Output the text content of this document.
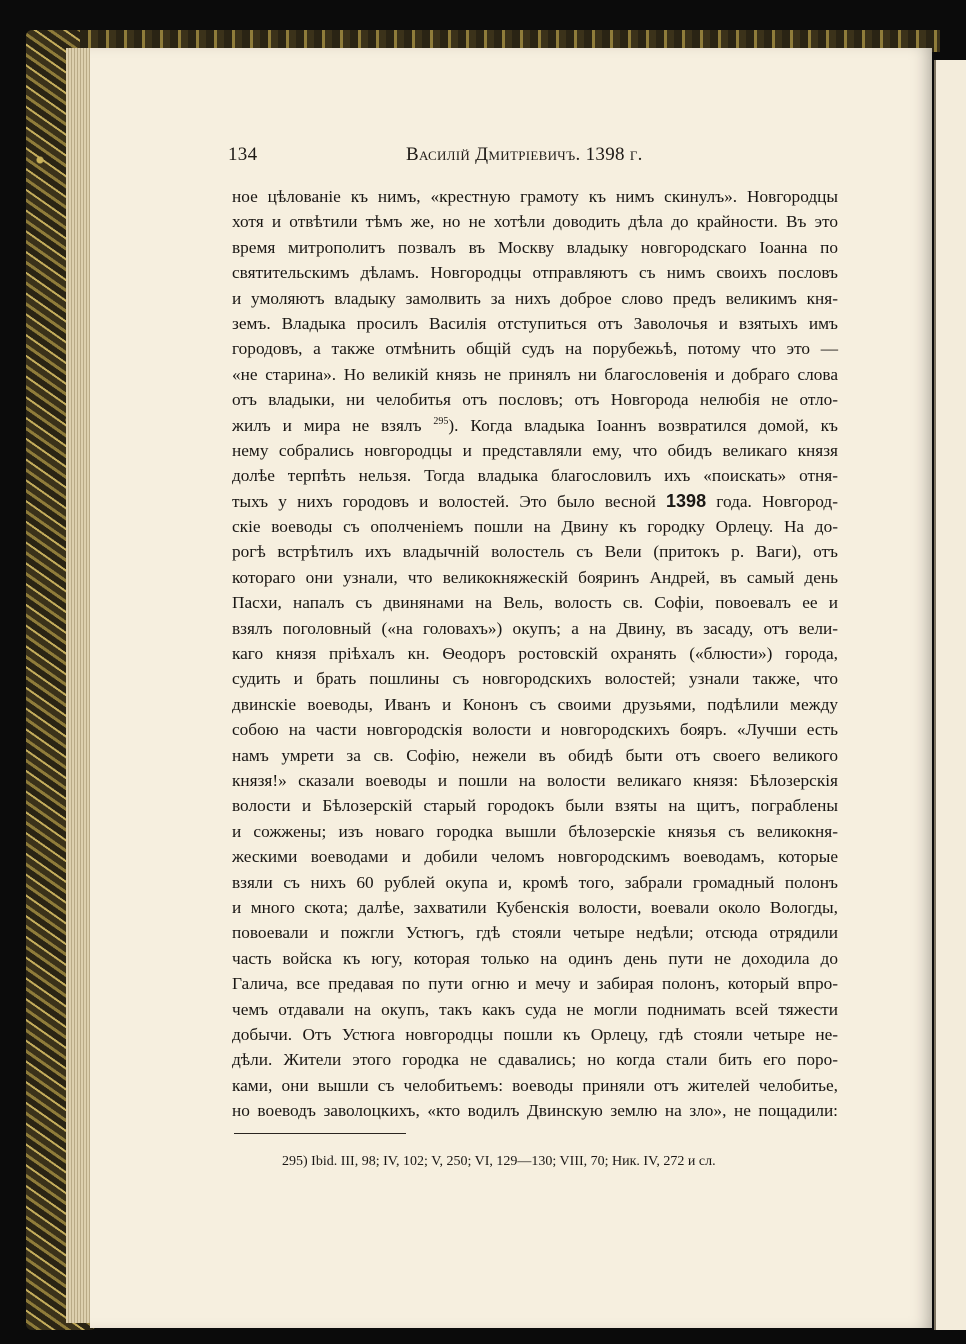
134	Василій Дмитріевичъ. 1398 г.
ное цѣлованіе къ нимъ, «крестную грамоту къ нимъ скинулъ». Новгородцы
хотя и отвѣтили тѣмъ же, но не хотѣли доводить дѣла до крайности. Въ это
время митрополитъ позвалъ въ Москву владыку новгородскаго Іоанна по
святительскимъ дѣламъ. Новгородцы отправляютъ съ нимъ своихъ пословъ
и умоляютъ владыку замолвить за нихъ доброе слово предъ великимъ кня-
земъ. Владыка просилъ Василія отступиться отъ Заволочья и взятыхъ имъ
городовъ, а также отмѣнить общій судъ на порубежьѣ, потому что это —
«не старина». Но великій князь не принялъ ни благословенія и добраго слова
отъ владыки, ни челобитья отъ пословъ; отъ Новгорода нелюбія не отло-
жилъ и мира не взялъ $^{295}$). Когда владыка Іоаннъ возвратился домой, къ
нему собрались новгородцы и представляли ему, что обидъ великаго князя
долѣе терпѣть нельзя. Тогда владыка благословилъ ихъ «поискать» отня-
тыхъ у нихъ городовъ и волостей. Это было весной 1398 года. Новгород-
скіе воеводы съ ополченіемъ пошли на Двину къ городку Орлецу. На до-
рогѣ встрѣтилъ ихъ владычній волостель съ Вели (притокъ р. Ваги), отъ
котораго они узнали, что великокняжескій бояринъ Андрей, въ самый день
Пасхи, напалъ съ двинянами на Вель, волость св. Софіи, повоевалъ ее и
взялъ поголовный («на головахъ») окупъ; а на Двину, въ засаду, отъ вели-
каго князя пріѣхалъ кн. Ѳеодоръ ростовскій охранять («блюсти») города,
судить и брать пошлины съ новгородскихъ волостей; узнали также, что
двинскіе воеводы, Иванъ и Кононъ съ своими друзьями, подѣлили между
собою на части новгородскія волости и новгородскихъ бояръ. «Лучши есть
намъ умрети за св. Софію, нежели въ обидѣ быти отъ своего великого
князя!» сказали воеводы и пошли на волости великаго князя: Бѣлозерскія
волости и Бѣлозерскій старый городокъ были взяты на щитъ, пограблены
и сожжены; изъ новаго городка вышли бѣлозерскіе князья съ великокня-
жескими воеводами и добили челомъ новгородскимъ воеводамъ, которые
взяли съ нихъ 60 рублей окупа и, кромѣ того, забрали громадный полонъ
и много скота; далѣе, захватили Кубенскія волости, воевали около Вологды,
повоевали и пожгли Устюгъ, гдѣ стояли четыре недѣли; отсюда отрядили
часть войска къ югу, которая только на одинъ день пути не доходила до
Галича, все предавая по пути огню и мечу и забирая полонъ, который впро-
чемъ отдавали на окупъ, такъ какъ суда не могли поднимать всей тяжести
добычи. Отъ Устюга новгородцы пошли къ Орлецу, гдѣ стояли четыре не-
дѣли. Жители этого городка не сдавались; но когда стали бить его поро-
ками, они вышли съ челобитьемъ: воеводы приняли отъ жителей челобитье,
но воеводъ заволоцкихъ, «кто водилъ Двинскую землю на зло», не пощадили:
295) Ibid. III, 98; IV, 102; V, 250; VI, 129—130; VIII, 70; Ник. IV, 272 и сл.
